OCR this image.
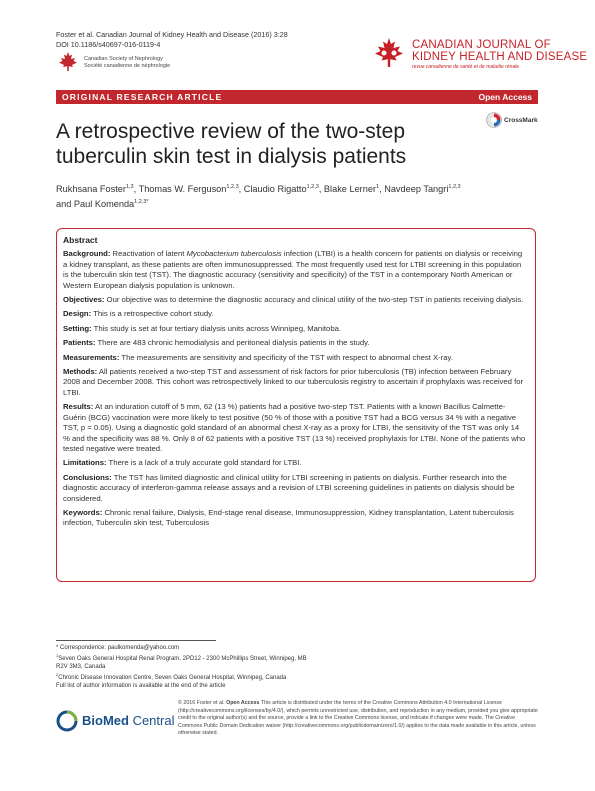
Foster et al. Canadian Journal of Kidney Health and Disease (2016) 3:28
DOI 10.1186/s40697-016-0119-4
Canadian Society of Nephrology
Société canadienne de néphrologie
CANADIAN JOURNAL OF
KIDNEY HEALTH AND DISEASE
revue canadienne de santé et de maladie rénale
ORIGINAL RESEARCH ARTICLE	Open Access
A retrospective review of the two-step tuberculin skin test in dialysis patients
CrossMark
Rukhsana Foster$^{1,3}$, Thomas W. Ferguson$^{1,2,3}$, Claudio Rigatto$^{1,2,3}$, Blake Lerner$^1$, Navdeep Tangri$^{1,2,3}$
and Paul Komenda$^{1,2,3*}$
Abstract

Background: Reactivation of latent Mycobacterium tuberculosis infection (LTBI) is a health concern for patients on dialysis or receiving a kidney transplant, as these patients are often immunosuppressed. The most frequently used test for LTBI screening in this population is the tuberculin skin test (TST). The diagnostic accuracy (sensitivity and specificity) of the TST in a contemporary North American or Western European dialysis population is unknown.

Objectives: Our objective was to determine the diagnostic accuracy and clinical utility of the two-step TST in patients receiving dialysis.

Design: This is a retrospective cohort study.

Setting: This study is set at four tertiary dialysis units across Winnipeg, Manitoba.

Patients: There are 483 chronic hemodialysis and peritoneal dialysis patients in the study.

Measurements: The measurements are sensitivity and specificity of the TST with respect to abnormal chest X-ray.

Methods: All patients received a two-step TST and assessment of risk factors for prior tuberculosis (TB) infection between February 2008 and December 2008. This cohort was retrospectively linked to our tuberculosis registry to ascertain if prophylaxis was received for LTBI.

Results: At an induration cutoff of 5 mm, 62 (13 %) patients had a positive two-step TST. Patients with a known Bacillus Calmette-Guérin (BCG) vaccination were more likely to test positive (50 % of those with a positive TST had a BCG versus 34 % with a negative TST, p = 0.05). Using a diagnostic gold standard of an abnormal chest X-ray as a proxy for LTBI, the sensitivity of the TST was only 14 % and the specificity was 88 %. Only 8 of 62 patients with a positive TST (13 %) received prophylaxis for LTBI. None of the patients who tested negative were treated.

Limitations: There is a lack of a truly accurate gold standard for LTBI.

Conclusions: The TST has limited diagnostic and clinical utility for LTBI screening in patients on dialysis. Further research into the diagnostic accuracy of interferon-gamma release assays and a revision of LTBI screening guidelines in patients on dialysis should be considered.

Keywords: Chronic renal failure, Dialysis, End-stage renal disease, Immunosuppression, Kidney transplantation, Latent tuberculosis infection, Tuberculin skin test, Tuberculosis

* Correspondence: paulkomenda@yahoo.com

$^1$Seven Oaks General Hospital Renal Program, 2PD12 - 2300 McPhillips Street, Winnipeg, MB R2V 3M3, Canada

$^2$Chronic Disease Innovation Centre, Seven Oaks General Hospital, Winnipeg, Canada

Full list of author information is available at the end of the article

BioMed Central
© 2016 Foster et al. Open Access This article is distributed under the terms of the Creative Commons Attribution 4.0 International License (http://creativecommons.org/licenses/by/4.0/), which permits unrestricted use, distribution, and reproduction in any medium, provided you give appropriate credit to the original author(s) and the source, provide a link to the Creative Commons license, and indicate if changes were made. The Creative Commons Public Domain Dedication waiver (http://creativecommons.org/publicdomain/zero/1.0/) applies to the data made available in this article, unless otherwise stated.
